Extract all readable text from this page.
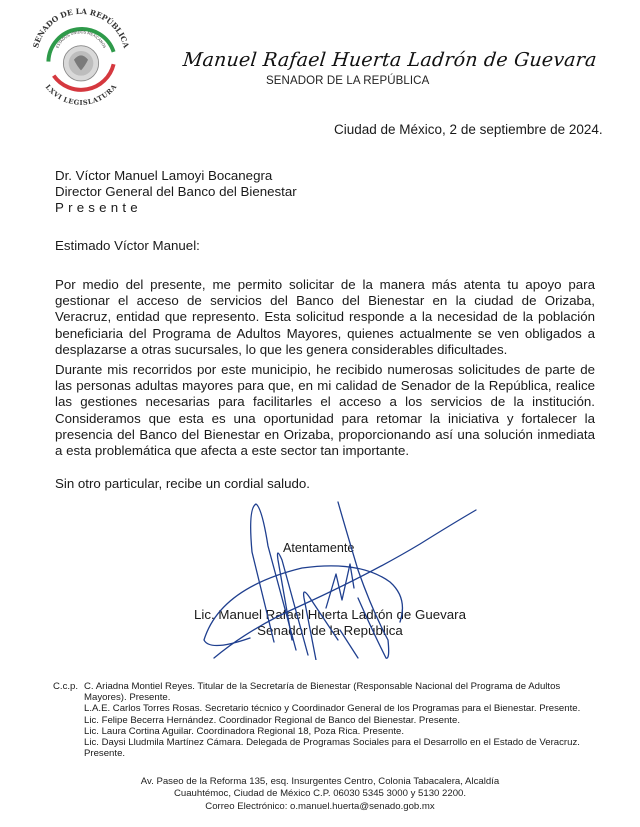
SENADO DE LA REPÚBLICA
ESTADOS UNIDOS MEXICANOS
LXVI LEGISLATURA
Manuel Rafael Huerta Ladrón de Guevara
SENADOR DE LA REPÚBLICA
Ciudad de México, 2 de septiembre de 2024.
Dr. Víctor Manuel Lamoyi Bocanegra
Director General del Banco del Bienestar
Presente
Estimado Víctor Manuel:
Por medio del presente, me permito solicitar de la manera más atenta tu apoyo para gestionar el acceso de servicios del Banco del Bienestar en la ciudad de Orizaba, Veracruz, entidad que represento. Esta solicitud responde a la necesidad de la población beneficiaria del Programa de Adultos Mayores, quienes actualmente se ven obligados a desplazarse a otras sucursales, lo que les genera considerables dificultades.
Durante mis recorridos por este municipio, he recibido numerosas solicitudes de parte de las personas adultas mayores para que, en mi calidad de Senador de la República, realice las gestiones necesarias para facilitarles el acceso a los servicios de la institución. Consideramos que esta es una oportunidad para retomar la iniciativa y fortalecer la presencia del Banco del Bienestar en Orizaba, proporcionando así una solución inmediata a esta problemática que afecta a este sector tan importante.
Sin otro particular, recibe un cordial saludo.
Atentamente
Lic. Manuel Rafael Huerta Ladrón de Guevara
Senador de la República
C.c.p. C. Ariadna Montiel Reyes. Titular de la Secretaría de Bienestar (Responsable Nacional del Programa de Adultos Mayores). Presente.
L.A.E. Carlos Torres Rosas. Secretario técnico y Coordinador General de los Programas para el Bienestar. Presente.
Lic. Felipe Becerra Hernández. Coordinador Regional de Banco del Bienestar. Presente.
Lic. Laura Cortina Aguilar. Coordinadora Regional 18, Poza Rica. Presente.
Lic. Daysi Lludmila Martínez Cámara. Delegada de Programas Sociales para el Desarrollo en el Estado de Veracruz. Presente.
Av. Paseo de la Reforma 135, esq. Insurgentes Centro, Colonia Tabacalera, Alcaldía
Cuauhtémoc, Ciudad de México C.P. 06030 5345 3000 y 5130 2200.
Correo Electrónico: o.manuel.huerta@senado.gob.mx
